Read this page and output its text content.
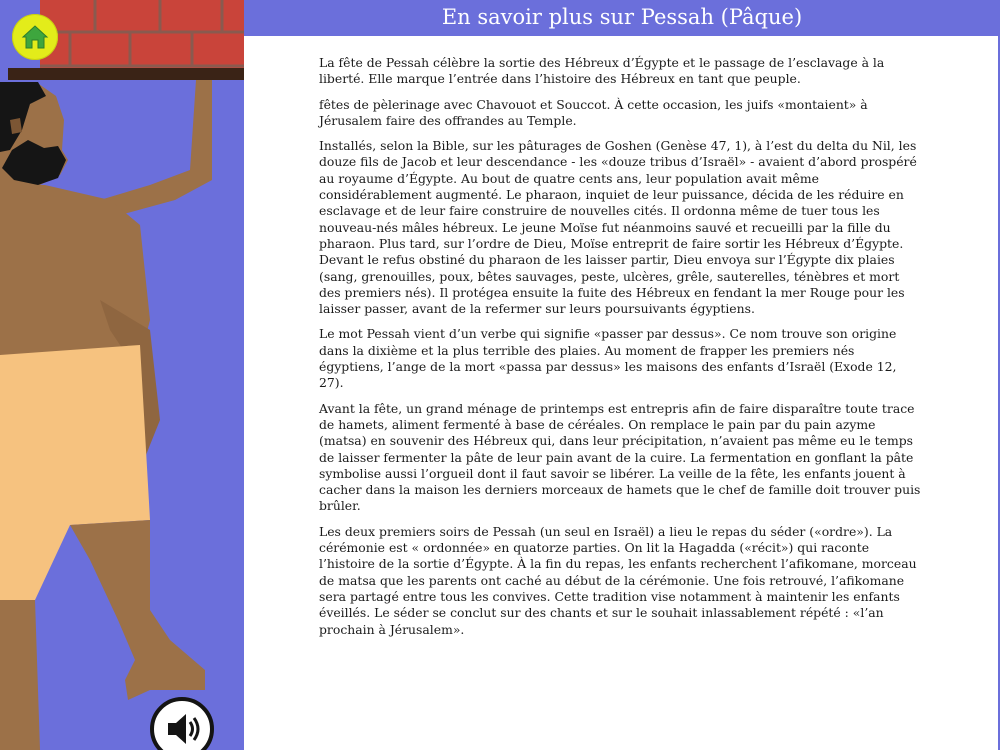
En savoir plus sur Pessah (Pâque)

La fête de Pessah célèbre la sortie des Hébreux d’Égypte et le passage de l’esclavage à la liberté. Elle marque l’entrée dans l’histoire des Hébreux en tant que peuple.

fêtes de pèlerinage avec Chavouot et Souccot. À cette occasion, les juifs «montaient» à Jérusalem faire des offrandes au Temple.

Installés, selon la Bible, sur les pâturages de Goshen (Genèse 47, 1), à l’est du delta du Nil, les douze fils de Jacob et leur descendance - les «douze tribus d’Israël» - avaient d’abord prospéré au royaume d’Égypte. Au bout de quatre cents ans, leur population avait même considérablement augmenté. Le pharaon, inquiet de leur puissance, décida de les réduire en esclavage et de leur faire construire de nouvelles cités. Il ordonna même de tuer tous les nouveau-nés mâles hébreux. Le jeune Moïse fut néanmoins sauvé et recueilli par la fille du pharaon. Plus tard, sur l’ordre de Dieu, Moïse entreprit de faire sortir les Hébreux d’Égypte. Devant le refus obstiné du pharaon de les laisser partir, Dieu envoya sur l’Égypte dix plaies (sang, grenouilles, poux, bêtes sauvages, peste, ulcères, grêle, sauterelles, ténèbres et mort des premiers nés). Il protégea ensuite la fuite des Hébreux en fendant la mer Rouge pour les laisser passer, avant de la refermer sur leurs poursuivants égyptiens.

Le mot Pessah vient d’un verbe qui signifie «passer par dessus». Ce nom trouve son origine dans la dixième et la plus terrible des plaies. Au moment de frapper les premiers nés égyptiens, l’ange de la mort «passa par dessus» les maisons des enfants d’Israël (Exode 12, 27).

Avant la fête, un grand ménage de printemps est entrepris afin de faire disparaître toute trace de hamets, aliment fermenté à base de céréales. On remplace le pain par du pain azyme (matsa) en souvenir des Hébreux qui, dans leur précipitation, n’avaient pas même eu le temps de laisser fermenter la pâte de leur pain avant de la cuire. La fermentation en gonflant la pâte symbolise aussi l’orgueil dont il faut savoir se libérer. La veille de la fête, les enfants jouent à cacher dans la maison les derniers morceaux de hamets que le chef de famille doit trouver puis brûler.

Les deux premiers soirs de Pessah (un seul en Israël) a lieu le repas du séder («ordre»). La cérémonie est « ordonnée» en quatorze parties. On lit la Hagadda («récit») qui raconte l’histoire de la sortie d’Égypte. À la fin du repas, les enfants recherchent l’afikomane, morceau de matsa que les parents ont caché au début de la cérémonie. Une fois retrouvé, l’afikomane sera partagé entre tous les convives. Cette tradition vise notamment à maintenir les enfants éveillés. Le séder se conclut sur des chants et sur le souhait inlassablement répété : «l’an prochain à Jérusalem».
